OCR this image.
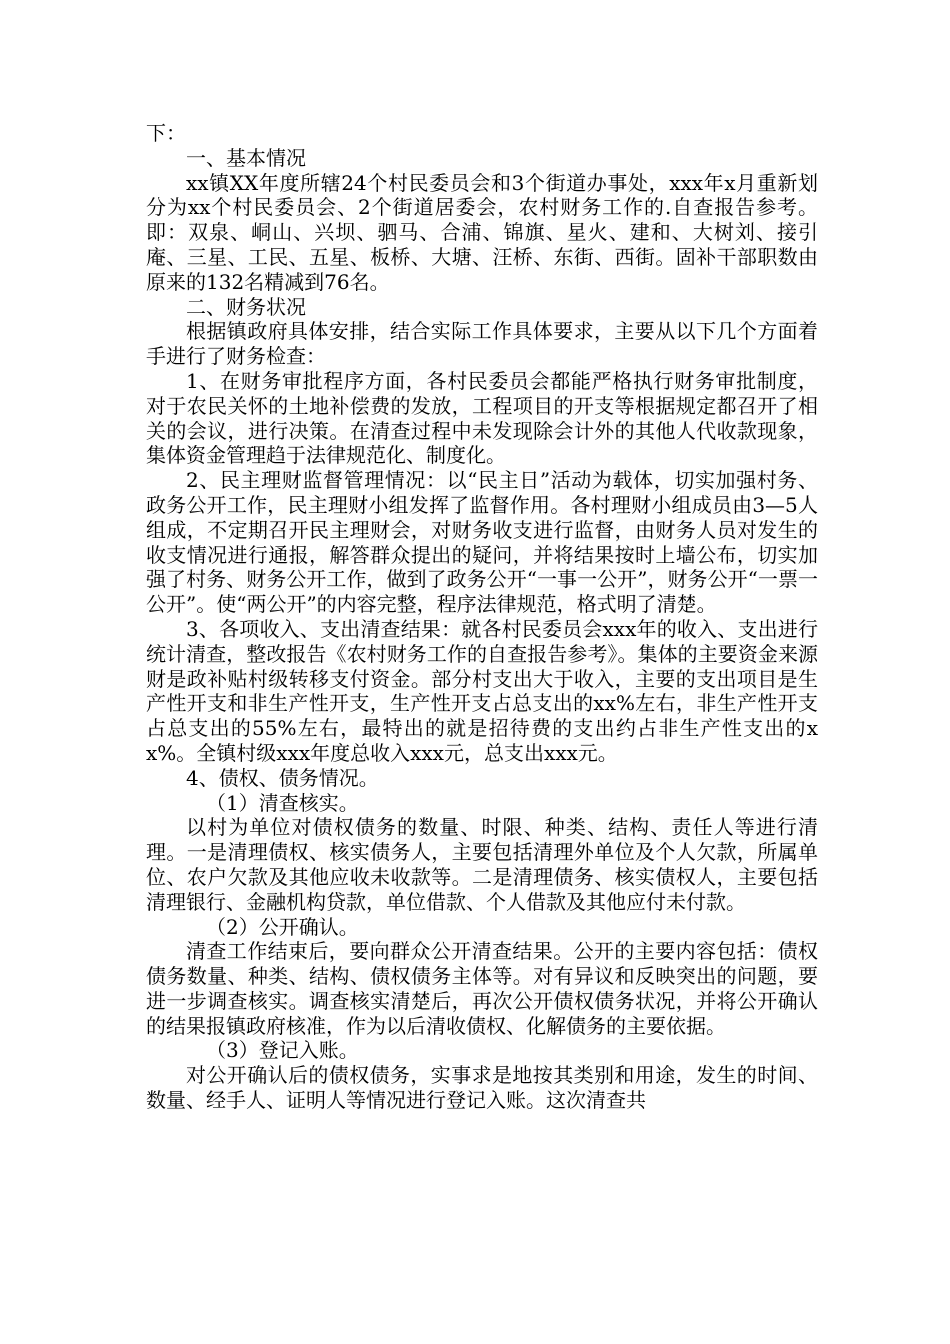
下：

一、基本情况

xx镇XX年度所辖24个村民委员会和3个街道办事处，xxx年x月重新划分为xx个村民委员会、2个街道居委会，农村财务工作的.自查报告参考。即：双泉、峒山、兴坝、驷马、合浦、锦旗、星火、建和、大树刘、接引庵、三星、工民、五星、板桥、大塘、汪桥、东街、西街。固补干部职数由原来的132名精减到76名。

二、财务状况

根据镇政府具体安排，结合实际工作具体要求，主要从以下几个方面着手进行了财务检查：

1、在财务审批程序方面，各村民委员会都能严格执行财务审批制度，对于农民关怀的土地补偿费的发放，工程项目的开支等根据规定都召开了相关的会议，进行决策。在清查过程中未发现除会计外的其他人代收款现象，集体资金管理趋于法律规范化、制度化。

2、民主理财监督管理情况：以“民主日”活动为载体，切实加强村务、政务公开工作，民主理财小组发挥了监督作用。各村理财小组成员由3—5人组成，不定期召开民主理财会，对财务收支进行监督，由财务人员对发生的收支情况进行通报，解答群众提出的疑问，并将结果按时上墙公布，切实加强了村务、财务公开工作，做到了政务公开“一事一公开”，财务公开“一票一公开”。使“两公开”的内容完整，程序法律规范，格式明了清楚。

3、各项收入、支出清查结果：就各村民委员会xxx年的收入、支出进行统计清查，整改报告《农村财务工作的自查报告参考》。集体的主要资金来源财是政补贴村级转移支付资金。部分村支出大于收入，主要的支出项目是生产性开支和非生产性开支，生产性开支占总支出的xx%左右，非生产性开支占总支出的55%左右，最特出的就是招待费的支出约占非生产性支出的xx%。全镇村级xxx年度总收入xxx元，总支出xxx元。

4、债权、债务情况。

（1）清查核实。

以村为单位对债权债务的数量、时限、种类、结构、责任人等进行清理。一是清理债权、核实债务人，主要包括清理外单位及个人欠款，所属单位、农户欠款及其他应收未收款等。二是清理债务、核实债权人，主要包括清理银行、金融机构贷款，单位借款、个人借款及其他应付未付款。

（2）公开确认。

清查工作结束后，要向群众公开清查结果。公开的主要内容包括：债权债务数量、种类、结构、债权债务主体等。对有异议和反映突出的问题，要进一步调查核实。调查核实清楚后，再次公开债权债务状况，并将公开确认的结果报镇政府核准，作为以后清收债权、化解债务的主要依据。

（3）登记入账。

对公开确认后的债权债务，实事求是地按其类别和用途，发生的时间、数量、经手人、证明人等情况进行登记入账。这次清查共
